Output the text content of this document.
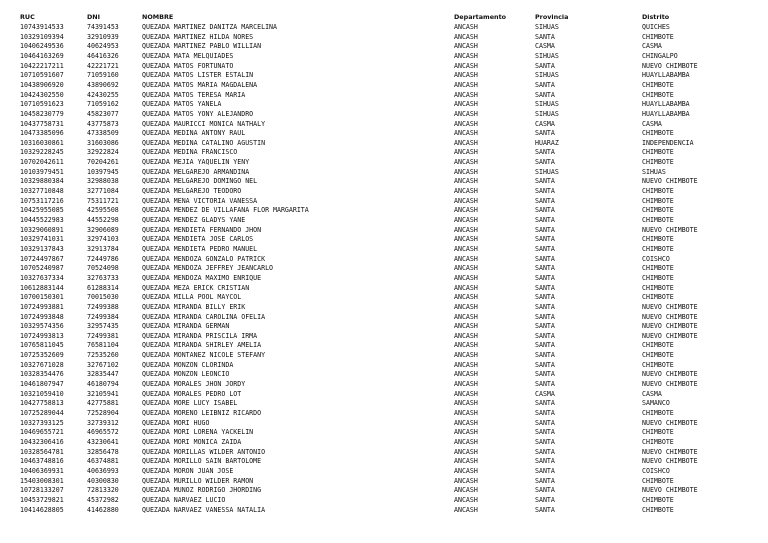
RUC	DNI	NOMBRE	Departamento	Provincia	Distrito
10743914533	74391453	QUEZADA MARTINEZ DANITZA MARCELINA	ANCASH	SIHUAS	QUICHES
10329109394	32910939	QUEZADA MARTINEZ HILDA NORES	ANCASH	SANTA	CHIMBOTE
10406249536	40624953	QUEZADA MARTINEZ PABLO WILLIAN	ANCASH	CASMA	CASMA
10464163269	46416326	QUEZADA MATA MELQUIADES	ANCASH	SIHUAS	CHINGALPO
10422217211	42221721	QUEZADA MATOS FORTUNATO	ANCASH	SANTA	NUEVO CHIMBOTE
10710591607	71059160	QUEZADA MATOS LISTER ESTALIN	ANCASH	SIHUAS	HUAYLLABAMBA
10438906920	43890692	QUEZADA MATOS MARIA MAGDALENA	ANCASH	SANTA	CHIMBOTE
10424302550	42430255	QUEZADA MATOS TERESA MARIA	ANCASH	SANTA	CHIMBOTE
10710591623	71059162	QUEZADA MATOS YANELA	ANCASH	SIHUAS	HUAYLLABAMBA
10458230779	45823077	QUEZADA MATOS YONY ALEJANDRO	ANCASH	SIHUAS	HUAYLLABAMBA
10437758731	43775873	QUEZADA MAURICCI MONICA NATHALY	ANCASH	CASMA	CASMA
10473385096	47338509	QUEZADA MEDINA ANTONY RAUL	ANCASH	SANTA	CHIMBOTE
10316030861	31603086	QUEZADA MEDINA CATALINO AGUSTIN	ANCASH	HUARAZ	INDEPENDENCIA
10329228245	32922824	QUEZADA MEDINA FRANCISCO	ANCASH	SANTA	CHIMBOTE
10702042611	70204261	QUEZADA MEJIA YAQUELIN YENY	ANCASH	SANTA	CHIMBOTE
10103979451	10397945	QUEZADA MELGAREJO ARMANDINA	ANCASH	SIHUAS	SIHUAS
10329880384	32988038	QUEZADA MELGAREJO DOMINGO NEL	ANCASH	SANTA	NUEVO CHIMBOTE
10327710848	32771084	QUEZADA MELGAREJO TEODORO	ANCASH	SANTA	CHIMBOTE
10753117216	75311721	QUEZADA MENA VICTORIA VANESSA	ANCASH	SANTA	CHIMBOTE
10425955085	42595508	QUEZADA MENDEZ DE VILLAFANA FLOR MARGARITA	ANCASH	SANTA	CHIMBOTE
10445522983	44552298	QUEZADA MENDEZ GLADYS YANE	ANCASH	SANTA	CHIMBOTE
10329060891	32906089	QUEZADA MENDIETA FERNANDO JHON	ANCASH	SANTA	NUEVO CHIMBOTE
10329741031	32974103	QUEZADA MENDIETA JOSE CARLOS	ANCASH	SANTA	CHIMBOTE
10329137843	32913784	QUEZADA MENDIETA PEDRO MANUEL	ANCASH	SANTA	CHIMBOTE
10724497867	72449786	QUEZADA MENDOZA GONZALO PATRICK	ANCASH	SANTA	COISHCO
10705240987	70524098	QUEZADA MENDOZA JEFFREY JEANCARLO	ANCASH	SANTA	CHIMBOTE
10327637334	32763733	QUEZADA MENDOZA MAXIMO ENRIQUE	ANCASH	SANTA	CHIMBOTE
10612883144	61288314	QUEZADA MEZA ERICK CRISTIAN	ANCASH	SANTA	CHIMBOTE
10700150301	70015030	QUEZADA MILLA POOL MAYCOL	ANCASH	SANTA	CHIMBOTE
10724993881	72499388	QUEZADA MIRANDA BILLY ERIK	ANCASH	SANTA	NUEVO CHIMBOTE
10724993848	72499384	QUEZADA MIRANDA CAROLINA OFELIA	ANCASH	SANTA	NUEVO CHIMBOTE
10329574356	32957435	QUEZADA MIRANDA GERMAN	ANCASH	SANTA	NUEVO CHIMBOTE
10724993813	72499381	QUEZADA MIRANDA PRISCILA IRMA	ANCASH	SANTA	NUEVO CHIMBOTE
10765811045	76581104	QUEZADA MIRANDA SHIRLEY AMELIA	ANCASH	SANTA	CHIMBOTE
10725352609	72535260	QUEZADA MONTAÑEZ NICOLE STEFANY	ANCASH	SANTA	CHIMBOTE
10327671028	32767102	QUEZADA MONZON CLORINDA	ANCASH	SANTA	CHIMBOTE
10328354476	32835447	QUEZADA MONZON LEONCIO	ANCASH	SANTA	NUEVO CHIMBOTE
10461807947	46180794	QUEZADA MORALES JHON JORDY	ANCASH	SANTA	NUEVO CHIMBOTE
10321059410	32105941	QUEZADA MORALES PEDRO LOT	ANCASH	CASMA	CASMA
10427758813	42775881	QUEZADA MORE LUCY ISABEL	ANCASH	SANTA	SAMANCO
10725289044	72528904	QUEZADA MORENO LEIBNIZ RICARDO	ANCASH	SANTA	CHIMBOTE
10327393125	32739312	QUEZADA MORI HUGO	ANCASH	SANTA	NUEVO CHIMBOTE
10469655721	46965572	QUEZADA MORI LORENA YACKELIN	ANCASH	SANTA	CHIMBOTE
10432306416	43230641	QUEZADA MORI MONICA ZAIDA	ANCASH	SANTA	CHIMBOTE
10328564781	32856478	QUEZADA MORILLAS WILDER ANTONIO	ANCASH	SANTA	NUEVO CHIMBOTE
10463748816	46374881	QUEZADA MORILLO SAIN BARTOLOME	ANCASH	SANTA	NUEVO CHIMBOTE
10406369931	40636993	QUEZADA MORON JUAN JOSE	ANCASH	SANTA	COISHCO
15403008301	40300830	QUEZADA MURILLO WILDER RAMON	ANCASH	SANTA	CHIMBOTE
10728133207	72813320	QUEZADA MUÑOZ RODRIGO JHORDING	ANCASH	SANTA	NUEVO CHIMBOTE
10453729821	45372982	QUEZADA NARVAEZ LUCIO	ANCASH	SANTA	CHIMBOTE
10414628805	41462880	QUEZADA NARVAEZ VANESSA NATALIA	ANCASH	SANTA	CHIMBOTE
